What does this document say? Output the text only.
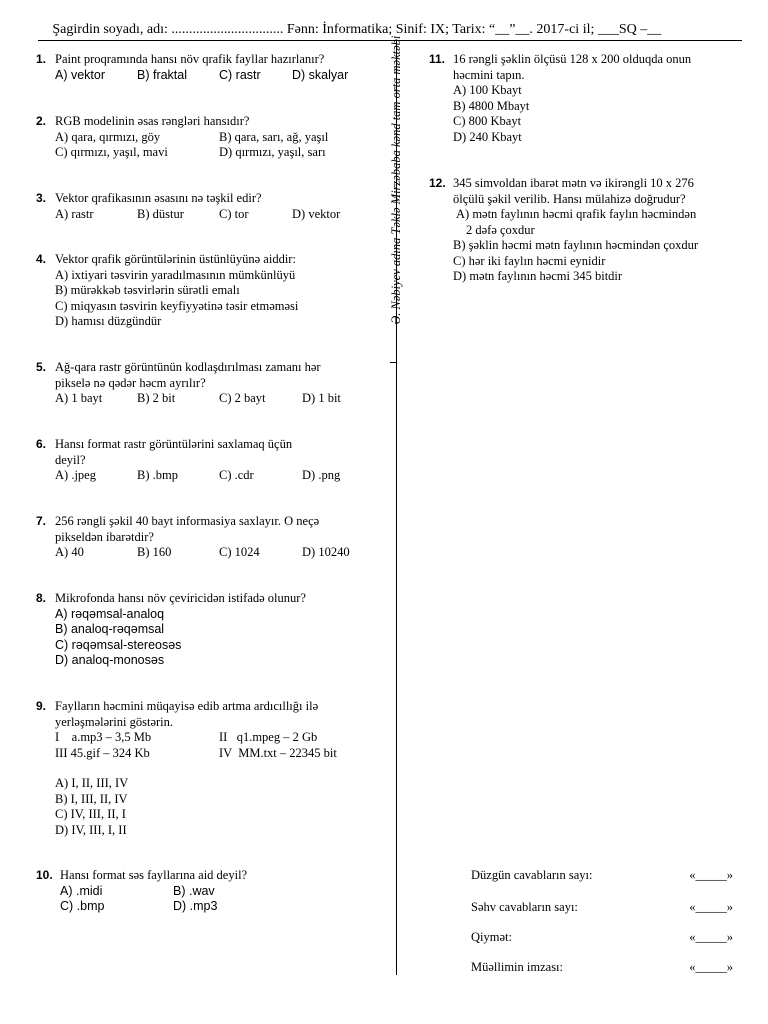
  Şagirdin soyadı, adı: ................................ Fənn: İnformatika; Sinif: IX; Tarix: “__”__. 2017-ci il; ___SQ –__
Ə. Nəbiyev adına Təklə Mirzəbaba kənd tam orta məktəbi
1. Paint proqramında hansı növ qrafik fayllar hazırlanır?
A) vektor	B) fraktal	C) rastr	D) skalyar
2. RGB modelinin əsas rəngləri hansıdır?
A) qara, qırmızı, göy	B) qara, sarı, ağ, yaşıl
C) qırmızı, yaşıl, mavi	D) qırmızı, yaşıl, sarı
3. Vektor qrafikasının əsasını nə təşkil edir?
A) rastr	B) düstur	C) tor	D) vektor
4. Vektor qrafik görüntülərinin üstünlüyünə aiddir:
A) ixtiyari təsvirin yaradılmasının mümkünlüyü
B) mürəkkəb təsvirlərin sürətli emalı
C) miqyasın təsvirin keyfiyyətinə təsir etməməsi
D) hamısı düzgündür
5. Ağ-qara rastr görüntünün kodlaşdırılması zamanı hər
pikselə nə qədər həcm ayrılır?
A) 1 bayt	B) 2 bit	C) 2 bayt	D) 1 bit
6. Hansı format rastr görüntülərini saxlamaq üçün
deyil?
A) .jpeg	B) .bmp	C) .cdr	D) .png
7. 256 rəngli şəkil 40 bayt informasiya saxlayır. O neçə
pikseldən ibarətdir?
A) 40	B) 160	C) 1024	D) 10240
8. Mikrofonda hansı növ çeviricidən istifadə olunur?
A) rəqəmsal-analoq
B) analoq-rəqəmsal
C) rəqəmsal-stereosəs
D) analoq-monosəs
9. Faylların həcmini müqayisə edib artma ardıcıllığı ilə
yerləşmələrini göstərin.
I    a.mp3 – 3,5 Mb	II   q1.mpeg – 2 Gb
III 45.gif – 324 Kb	IV  MM.txt – 22345 bit
A) I, II, III, IV
B) I, III, II, IV
C) IV, III, II, I
D) IV, III, I, II
10. Hansı format səs fayllarına aid deyil?
A) .midi	B) .wav
C) .bmp	D) .mp3
11. 16 rəngli şəklin ölçüsü 128 x 200 olduqda onun
həcmini tapın.
A) 100 Kbayt
B) 4800 Mbayt
C) 800 Kbayt
D) 240 Kbayt
12. 345 simvoldan ibarət mətn və ikirəngli 10 x 276
ölçülü şəkil verilib. Hansı mülahizə doğrudur?
A) mətn faylının həcmi qrafik faylın həcmindən
2 dəfə çoxdur
B) şəklin həcmi mətn faylının həcmindən çoxdur
C) hər iki faylın həcmi eynidir
D) mətn faylının həcmi 345 bitdir
Düzgün cavabların sayı:	«_____»
Səhv cavabların sayı:	«_____»
Qiymət:	«_____»
Müəllimin imzası:	«_____»
